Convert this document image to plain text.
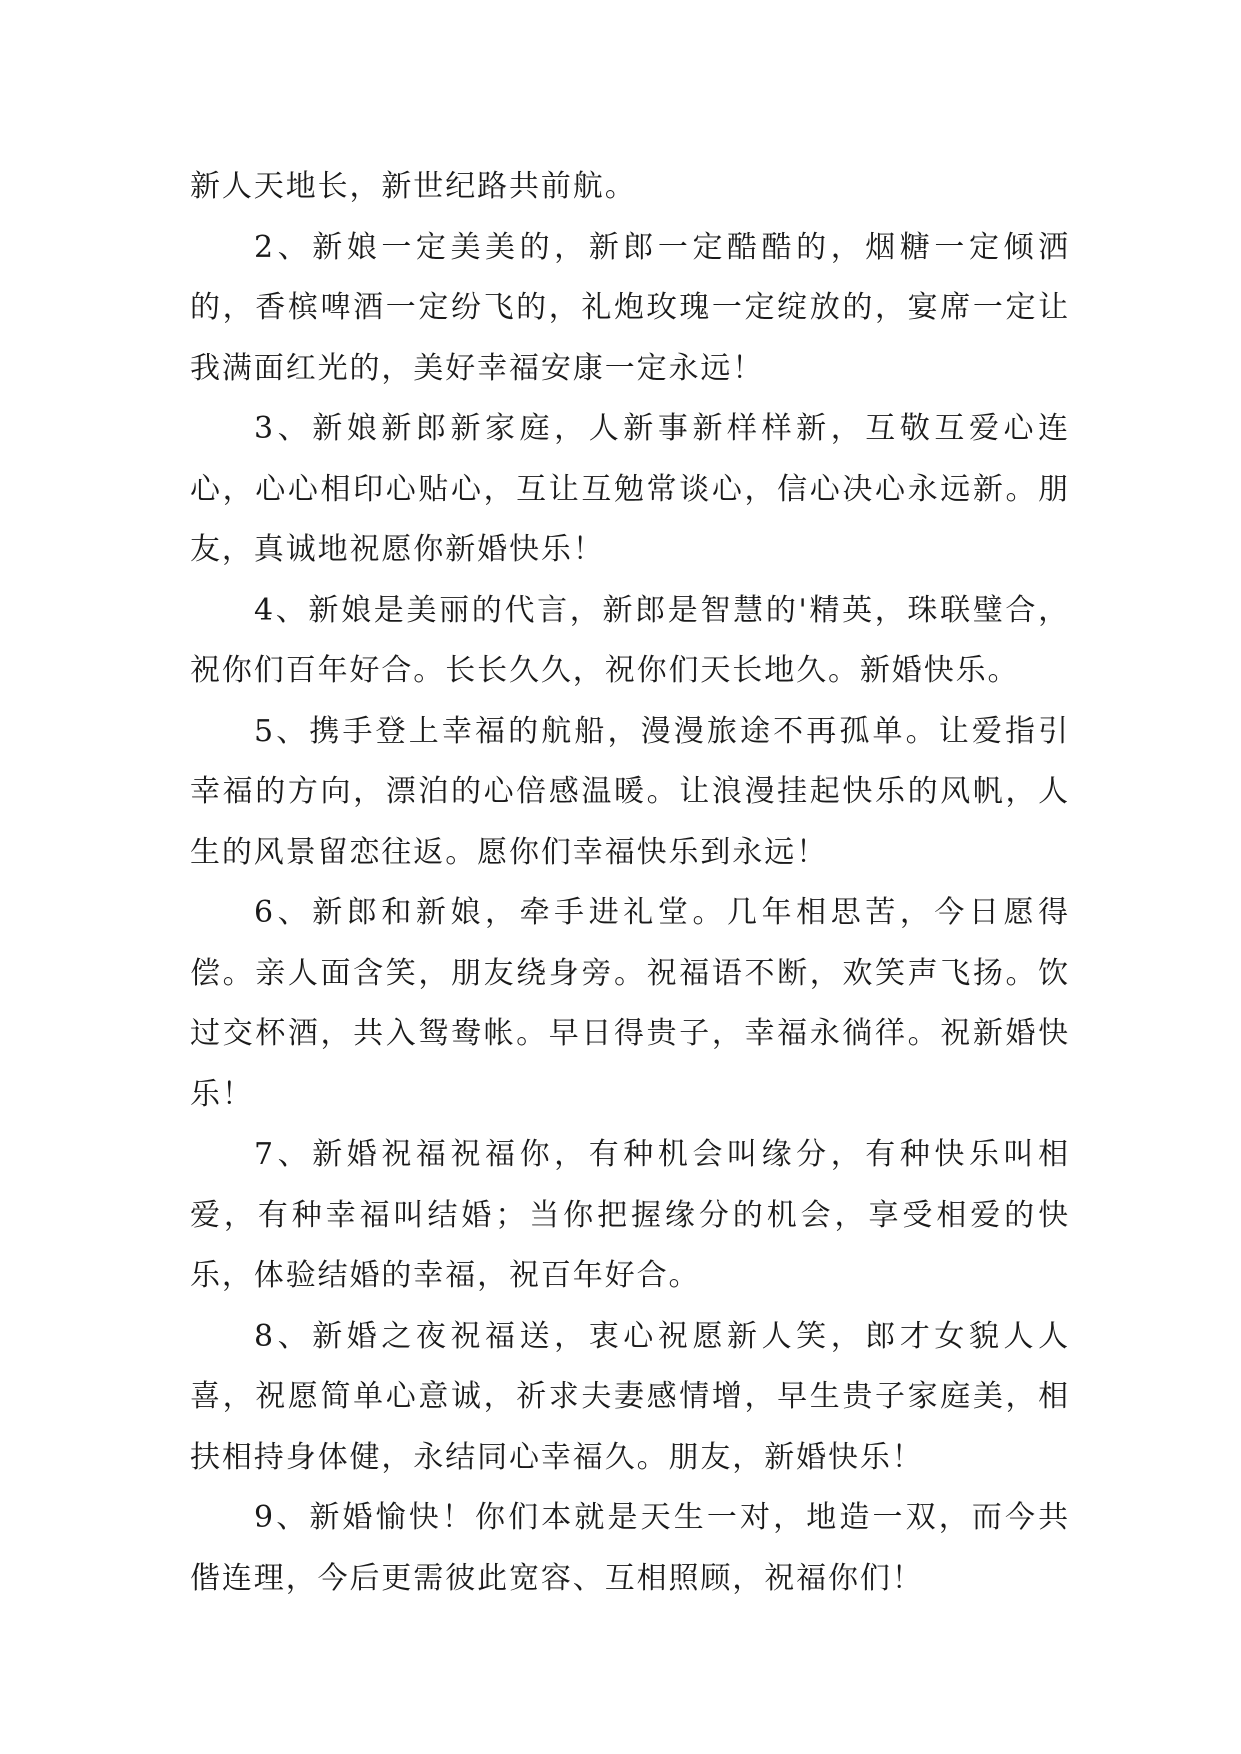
新人天地长，新世纪路共前航。

2、新娘一定美美的，新郎一定酷酷的，烟糖一定倾洒的，香槟啤酒一定纷飞的，礼炮玫瑰一定绽放的，宴席一定让我满面红光的，美好幸福安康一定永远！

3、新娘新郎新家庭，人新事新样样新，互敬互爱心连心，心心相印心贴心，互让互勉常谈心，信心决心永远新。朋友，真诚地祝愿你新婚快乐！

4、新娘是美丽的代言，新郎是智慧的'精英，珠联璧合，祝你们百年好合。长长久久，祝你们天长地久。新婚快乐。

5、携手登上幸福的航船，漫漫旅途不再孤单。让爱指引幸福的方向，漂泊的心倍感温暖。让浪漫挂起快乐的风帆，人生的风景留恋往返。愿你们幸福快乐到永远！

6、新郎和新娘，牵手进礼堂。几年相思苦，今日愿得偿。亲人面含笑，朋友绕身旁。祝福语不断，欢笑声飞扬。饮过交杯酒，共入鸳鸯帐。早日得贵子，幸福永徜徉。祝新婚快乐！

7、新婚祝福祝福你，有种机会叫缘分，有种快乐叫相爱，有种幸福叫结婚；当你把握缘分的机会，享受相爱的快乐，体验结婚的幸福，祝百年好合。

8、新婚之夜祝福送，衷心祝愿新人笑，郎才女貌人人喜，祝愿简单心意诚，祈求夫妻感情增，早生贵子家庭美，相扶相持身体健，永结同心幸福久。朋友，新婚快乐！

9、新婚愉快！你们本就是天生一对，地造一双，而今共偕连理，今后更需彼此宽容、互相照顾，祝福你们！
